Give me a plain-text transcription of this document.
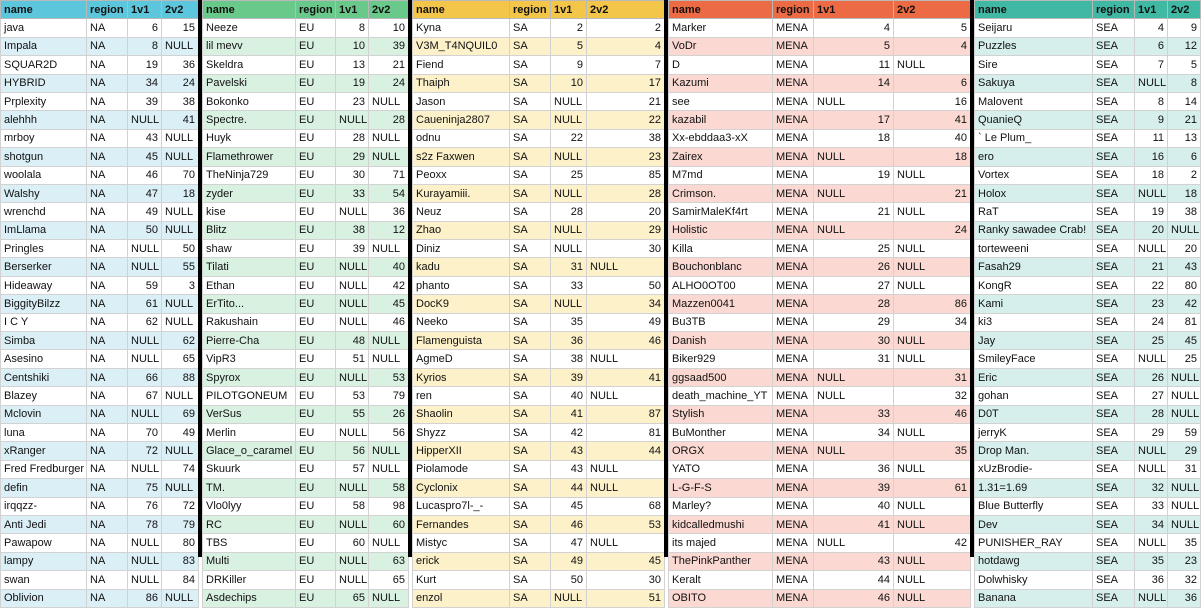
name	region	1v1	2v2
java	NA	6	15
Impala	NA	8	NULL
SQUAR2D	NA	19	36
HYBRID	NA	34	24
Prplexity	NA	39	38
alehhh	NA	NULL	41
mrboy	NA	43	NULL
shotgun	NA	45	NULL
woolala	NA	46	70
Walshy	NA	47	18
wrenchd	NA	49	NULL
ImLlama	NA	50	NULL
Pringles	NA	NULL	50
Berserker	NA	NULL	55
Hideaway	NA	59	3
BiggityBilzz	NA	61	NULL
I C Y	NA	62	NULL
Simba	NA	NULL	62
Asesino	NA	NULL	65
Centshiki	NA	66	88
Blazey	NA	67	NULL
Mclovin	NA	NULL	69
luna	NA	70	49
xRanger	NA	72	NULL
Fred Fredburger	NA	NULL	74
defin	NA	75	NULL
irqqzz-	NA	76	72
Anti Jedi	NA	78	79
Pawapow	NA	NULL	80
lampy	NA	NULL	83
swan	NA	NULL	84
Oblivion	NA	86	NULL
name	region	1v1	2v2
Neeze	EU	8	10
lil mevv	EU	10	39
Skeldra	EU	13	21
Pavelski	EU	19	24
Bokonko	EU	23	NULL
Spectre.	EU	NULL	28
Huyk	EU	28	NULL
Flamethrower	EU	29	NULL
TheNinja729	EU	30	71
zyder	EU	33	54
kise	EU	NULL	36
Blitz	EU	38	12
shaw	EU	39	NULL
Tilati	EU	NULL	40
Ethan	EU	NULL	42
ErTito...	EU	NULL	45
Rakushain	EU	NULL	46
Pierre-Cha	EU	48	NULL
VipR3	EU	51	NULL
Spyrox	EU	NULL	53
PILOTGONEUM	EU	53	79
VerSus	EU	55	26
Merlin	EU	NULL	56
Glace_o_caramel	EU	56	NULL
Skuurk	EU	57	NULL
TM.	EU	NULL	58
Vlo0lyy	EU	58	98
RC	EU	NULL	60
TBS	EU	60	NULL
Multi	EU	NULL	63
DRKiller	EU	NULL	65
Asdechips	EU	65	NULL
name	region	1v1	2v2
Kyna	SA	2	2
V3M_T4NQUIL0	SA	5	4
Fiend	SA	9	7
Thaiph	SA	10	17
Jason	SA	NULL	21
Caueninja2807	SA	NULL	22
odnu	SA	22	38
s2z Faxwen	SA	NULL	23
Peoxx	SA	25	85
Kurayamiii.	SA	NULL	28
Neuz	SA	28	20
Zhao	SA	NULL	29
Diniz	SA	NULL	30
kadu	SA	31	NULL
phanto	SA	33	50
DocK9	SA	NULL	34
Neeko	SA	35	49
Flamenguista	SA	36	46
AgmeD	SA	38	NULL
Kyrios	SA	39	41
ren	SA	40	NULL
Shaolin	SA	41	87
Shyzz	SA	42	81
HipperXII	SA	43	44
Piolamode	SA	43	NULL
Cyclonix	SA	44	NULL
Lucaspro7l-_-	SA	45	68
Fernandes	SA	46	53
Mistyc	SA	47	NULL
erick	SA	49	45
Kurt	SA	50	30
enzol	SA	NULL	51
name	region	1v1	2v2
Marker	MENA	4	5
VoDr	MENA	5	4
D	MENA	11	NULL
Kazumi	MENA	14	6
see	MENA	NULL	16
kazabil	MENA	17	41
Xx-ebddaa3-xX	MENA	18	40
Zairex	MENA	NULL	18
M7md	MENA	19	NULL
Crimson.	MENA	NULL	21
SamirMaleKf4rt	MENA	21	NULL
Holistic	MENA	NULL	24
Killa	MENA	25	NULL
Bouchonblanc	MENA	26	NULL
ALHO0OT00	MENA	27	NULL
Mazzen0041	MENA	28	86
Bu3TB	MENA	29	34
Danish	MENA	30	NULL
Biker929	MENA	31	NULL
ggsaad500	MENA	NULL	31
death_machine_YT	MENA	NULL	32
Stylish	MENA	33	46
BuMonther	MENA	34	NULL
ORGX	MENA	NULL	35
YATO	MENA	36	NULL
L-G-F-S	MENA	39	61
Marley?	MENA	40	NULL
kidcalledmushi	MENA	41	NULL
its majed	MENA	NULL	42
ThePinkPanther	MENA	43	NULL
Keralt	MENA	44	NULL
OBITO	MENA	46	NULL
name	region	1v1	2v2
Seijaru	SEA	4	9
Puzzles	SEA	6	12
Sire	SEA	7	5
Sakuya	SEA	NULL	8
Malovent	SEA	8	14
QuanieQ	SEA	9	21
` Le Plum_	SEA	11	13
ero	SEA	16	6
Vortex	SEA	18	2
Holox	SEA	NULL	18
RaT	SEA	19	38
Ranky sawadee Crab!	SEA	20	NULL
torteweeni	SEA	NULL	20
Fasah29	SEA	21	43
KongR	SEA	22	80
Kami	SEA	23	42
ki3	SEA	24	81
Jay	SEA	25	45
SmileyFace	SEA	NULL	25
Eric	SEA	26	NULL
gohan	SEA	27	NULL
D0T	SEA	28	NULL
jerryK	SEA	29	59
Drop Man.	SEA	NULL	29
xUzBrodie-	SEA	NULL	31
1.31=1.69	SEA	32	NULL
Blue Butterfly	SEA	33	NULL
Dev	SEA	34	NULL
PUNISHER_RAY	SEA	NULL	35
hotdawg	SEA	35	23
Dolwhisky	SEA	36	32
Banana	SEA	NULL	36
